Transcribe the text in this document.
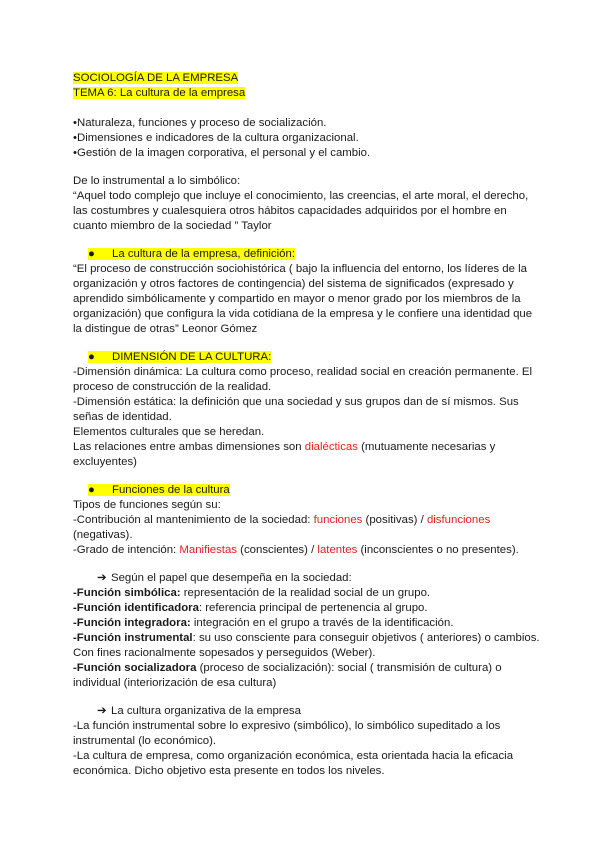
SOCIOLOGÍA DE LA EMPRESA
TEMA 6: La cultura de la empresa
•Naturaleza, funciones y proceso de socialización.
•Dimensiones e indicadores de la cultura organizacional.
•Gestión de la imagen corporativa, el personal y el cambio.
De lo instrumental a lo simbólico:
“Aquel todo complejo que incluye el conocimiento, las creencias, el arte moral, el derecho,
las costumbres y cualesquiera otros hábitos capacidades adquiridos por el hombre en
cuanto miembro de la sociedad ” Taylor
● La cultura de la empresa, definición:
“El proceso de construcción sociohistórica ( bajo la influencia del entorno, los líderes de la
organización y otros factores de contingencia) del sistema de significados (expresado y
aprendido simbólicamente y compartido en mayor o menor grado por los miembros de la
organización) que configura la vida cotidiana de la empresa y le confiere una identidad que
la distingue de otras” Leonor Gómez
● DIMENSIÓN DE LA CULTURA:
-Dimensión dinámica: La cultura como proceso, realidad social en creación permanente. El
proceso de construcción de la realidad.
-Dimensión estática: la definición que una sociedad y sus grupos dan de sí mismos. Sus
señas de identidad.
Elementos culturales que se heredan.
Las relaciones entre ambas dimensiones son dialécticas (mutuamente necesarias y
excluyentes)
● Funciones de la cultura
Tipos de funciones según su:
-Contribución al mantenimiento de la sociedad: funciones (positivas) / disfunciones
(negativas).
-Grado de intención: Manifiestas (conscientes) / latentes (inconscientes o no presentes).
➔ Según el papel que desempeña en la sociedad:
-Función simbólica: representación de la realidad social de un grupo.
-Función identificadora: referencia principal de pertenencia al grupo.
-Función integradora: integración en el grupo a través de la identificación.
-Función instrumental: su uso consciente para conseguir objetivos ( anteriores) o cambios.
Con fines racionalmente sopesados y perseguidos (Weber).
-Función socializadora (proceso de socialización): social ( transmisión de cultura) o
individual (interiorización de esa cultura)
➔ La cultura organizativa de la empresa
-La función instrumental sobre lo expresivo (simbólico), lo simbólico supeditado a los
instrumental (lo económico).
-La cultura de empresa, como organización económica, esta orientada hacia la eficacia
económica. Dicho objetivo esta presente en todos los niveles.
